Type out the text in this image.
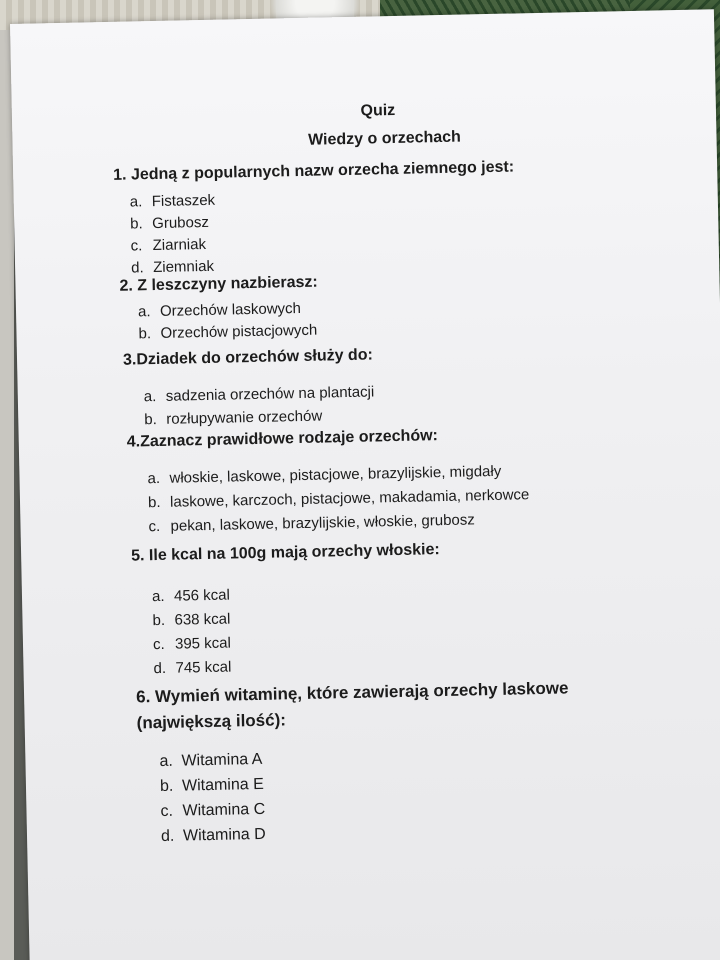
Quiz
Wiedzy o orzechach
1. Jedną z popularnych nazw orzecha ziemnego jest:
a. Fistaszek
b. Grubosz
c. Ziarniak
d. Ziemniak
2. Z leszczyny nazbierasz:
a. Orzechów laskowych
b. Orzechów pistacjowych
3.Dziadek do orzechów służy do:
a. sadzenia orzechów na plantacji
b. rozłupywanie orzechów
4.Zaznacz prawidłowe rodzaje orzechów:
a. włoskie, laskowe, pistacjowe, brazylijskie, migdały
b. laskowe, karczoch, pistacjowe, makadamia, nerkowce
c. pekan, laskowe, brazylijskie, włoskie, grubosz
5. Ile kcal na 100g mają orzechy włoskie:
a. 456 kcal
b. 638 kcal
c. 395 kcal
d. 745 kcal
6. Wymień witaminę, które zawierają orzechy laskowe
(największą ilość):
a. Witamina A
b. Witamina E
c. Witamina C
d. Witamina D
